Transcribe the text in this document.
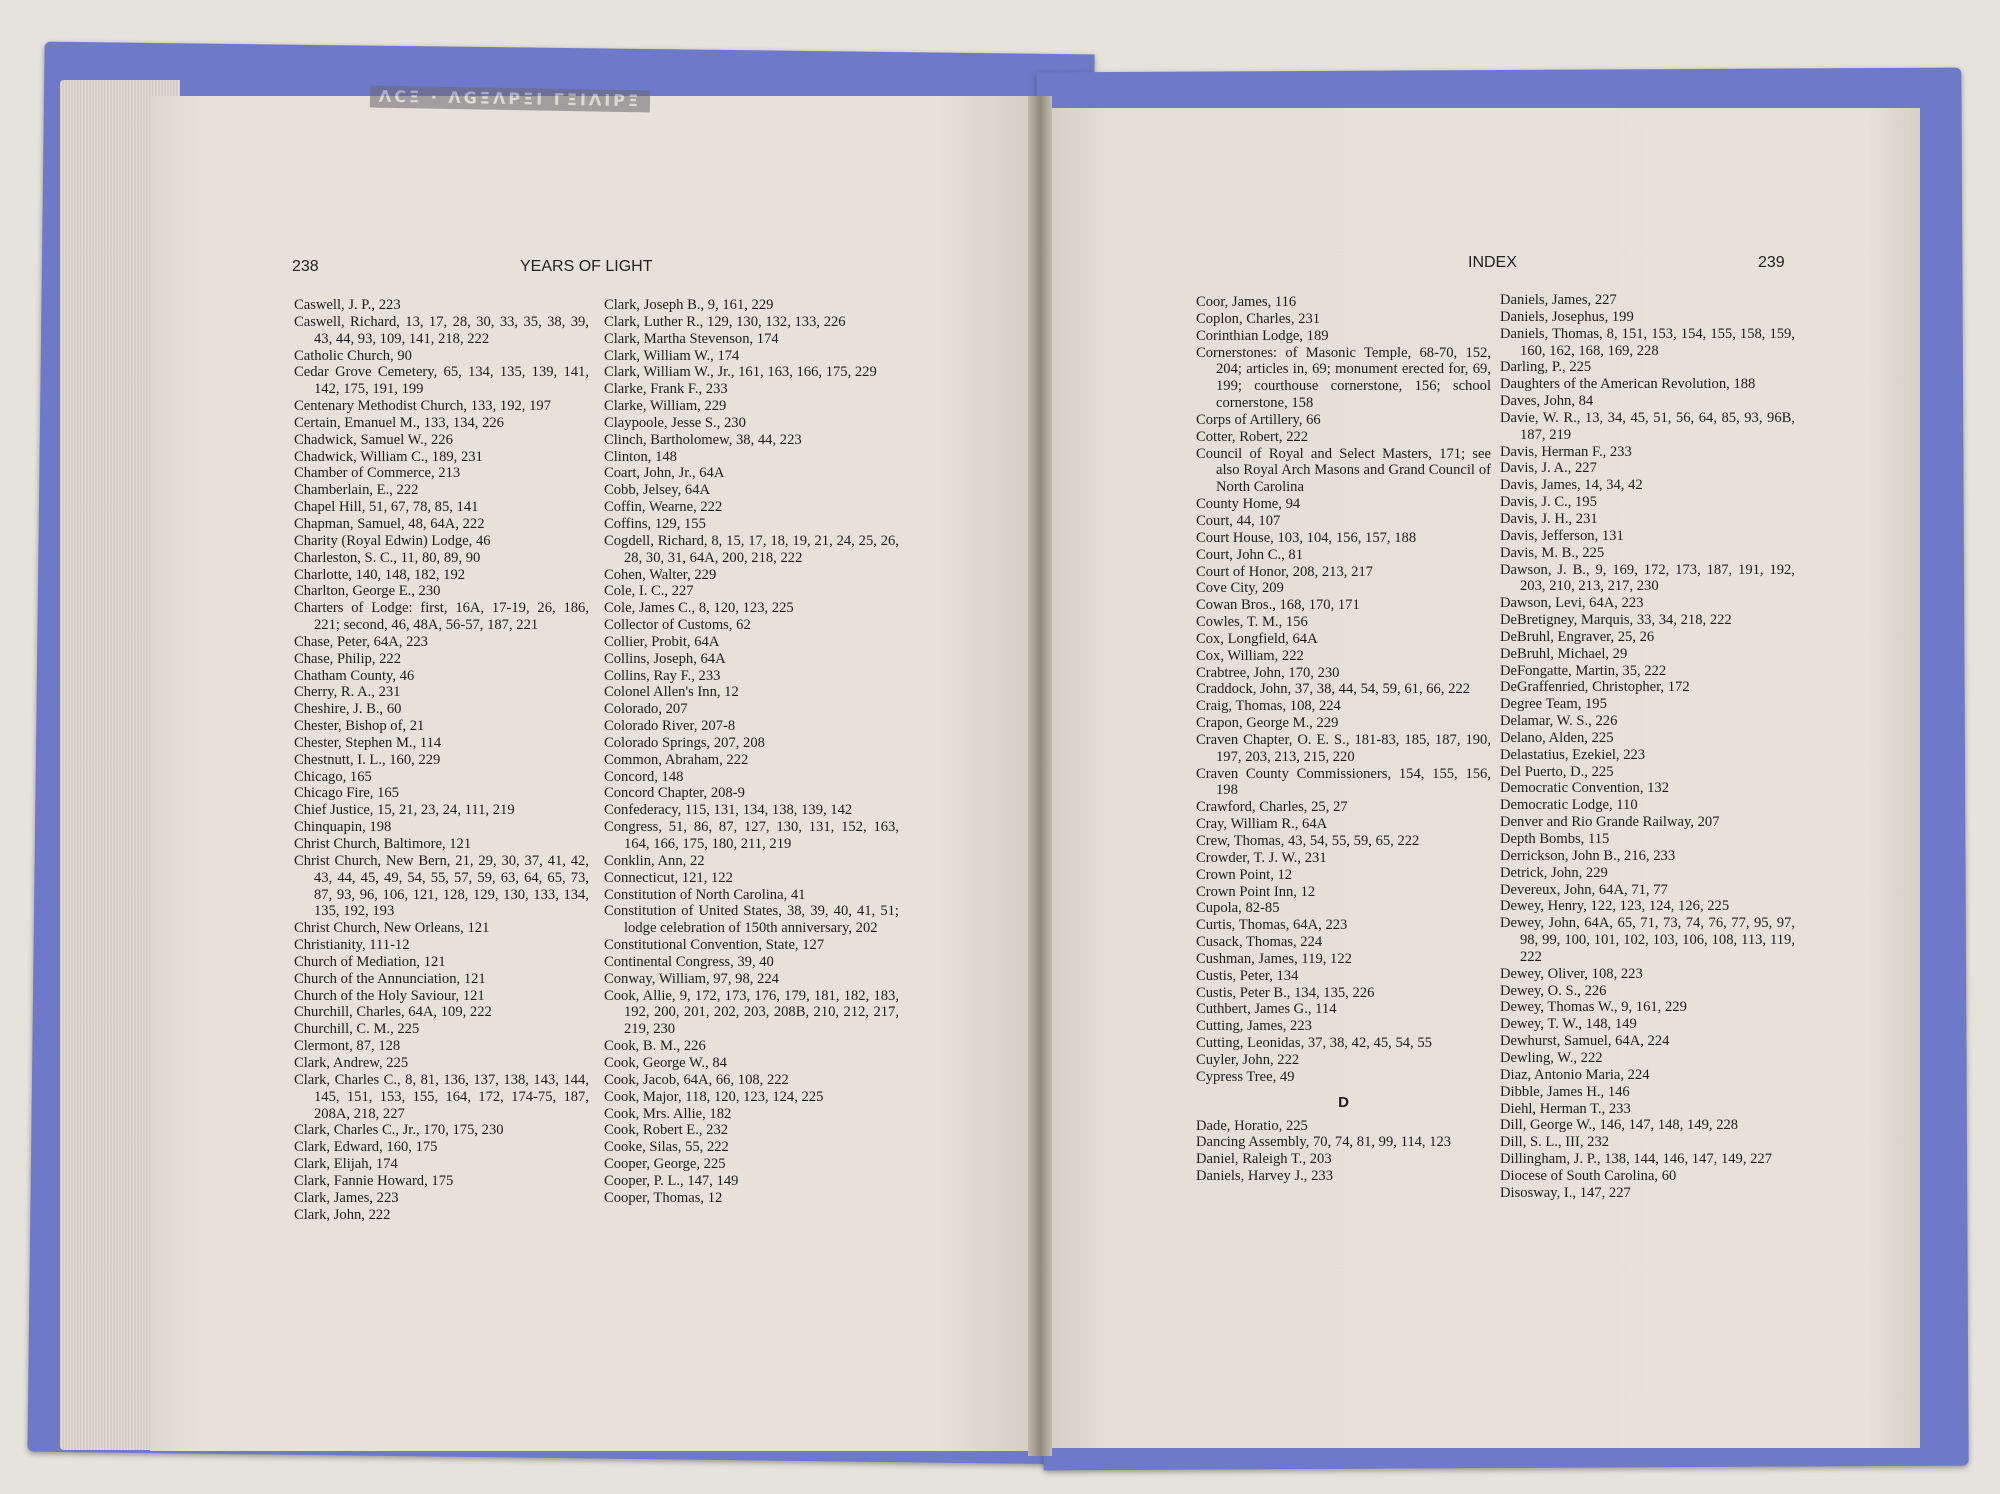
ΛCΞ · ΛGΞΛΡΞΙ ΓΞΙΛΙΡΞ
238	YEARS OF LIGHT	INDEX	239
Caswell, J. P., 223
Caswell, Richard, 13, 17, 28, 30, 33, 35, 38, 39, 43, 44, 93, 109, 141, 218, 222
Catholic Church, 90
Cedar Grove Cemetery, 65, 134, 135, 139, 141, 142, 175, 191, 199
Centenary Methodist Church, 133, 192, 197
Certain, Emanuel M., 133, 134, 226
Chadwick, Samuel W., 226
Chadwick, William C., 189, 231
Chamber of Commerce, 213
Chamberlain, E., 222
Chapel Hill, 51, 67, 78, 85, 141
Chapman, Samuel, 48, 64A, 222
Charity (Royal Edwin) Lodge, 46
Charleston, S. C., 11, 80, 89, 90
Charlotte, 140, 148, 182, 192
Charlton, George E., 230
Charters of Lodge: first, 16A, 17-19, 26, 186, 221; second, 46, 48A, 56-57, 187, 221
Chase, Peter, 64A, 223
Chase, Philip, 222
Chatham County, 46
Cherry, R. A., 231
Cheshire, J. B., 60
Chester, Bishop of, 21
Chester, Stephen M., 114
Chestnutt, I. L., 160, 229
Chicago, 165
Chicago Fire, 165
Chief Justice, 15, 21, 23, 24, 111, 219
Chinquapin, 198
Christ Church, Baltimore, 121
Christ Church, New Bern, 21, 29, 30, 37, 41, 42, 43, 44, 45, 49, 54, 55, 57, 59, 63, 64, 65, 73, 87, 93, 96, 106, 121, 128, 129, 130, 133, 134, 135, 192, 193
Christ Church, New Orleans, 121
Christianity, 111-12
Church of Mediation, 121
Church of the Annunciation, 121
Church of the Holy Saviour, 121
Churchill, Charles, 64A, 109, 222
Churchill, C. M., 225
Clermont, 87, 128
Clark, Andrew, 225
Clark, Charles C., 8, 81, 136, 137, 138, 143, 144, 145, 151, 153, 155, 164, 172, 174-75, 187, 208A, 218, 227
Clark, Charles C., Jr., 170, 175, 230
Clark, Edward, 160, 175
Clark, Elijah, 174
Clark, Fannie Howard, 175
Clark, James, 223
Clark, John, 222
Clark, Joseph B., 9, 161, 229
Clark, Luther R., 129, 130, 132, 133, 226
Clark, Martha Stevenson, 174
Clark, William W., 174
Clark, William W., Jr., 161, 163, 166, 175, 229
Clarke, Frank F., 233
Clarke, William, 229
Claypoole, Jesse S., 230
Clinch, Bartholomew, 38, 44, 223
Clinton, 148
Coart, John, Jr., 64A
Cobb, Jelsey, 64A
Coffin, Wearne, 222
Coffins, 129, 155
Cogdell, Richard, 8, 15, 17, 18, 19, 21, 24, 25, 26, 28, 30, 31, 64A, 200, 218, 222
Cohen, Walter, 229
Cole, I. C., 227
Cole, James C., 8, 120, 123, 225
Collector of Customs, 62
Collier, Probit, 64A
Collins, Joseph, 64A
Collins, Ray F., 233
Colonel Allen's Inn, 12
Colorado, 207
Colorado River, 207-8
Colorado Springs, 207, 208
Common, Abraham, 222
Concord, 148
Concord Chapter, 208-9
Confederacy, 115, 131, 134, 138, 139, 142
Congress, 51, 86, 87, 127, 130, 131, 152, 163, 164, 166, 175, 180, 211, 219
Conklin, Ann, 22
Connecticut, 121, 122
Constitution of North Carolina, 41
Constitution of United States, 38, 39, 40, 41, 51; lodge celebration of 150th anniversary, 202
Constitutional Convention, State, 127
Continental Congress, 39, 40
Conway, William, 97, 98, 224
Cook, Allie, 9, 172, 173, 176, 179, 181, 182, 183, 192, 200, 201, 202, 203, 208B, 210, 212, 217, 219, 230
Cook, B. M., 226
Cook, George W., 84
Cook, Jacob, 64A, 66, 108, 222
Cook, Major, 118, 120, 123, 124, 225
Cook, Mrs. Allie, 182
Cook, Robert E., 232
Cooke, Silas, 55, 222
Cooper, George, 225
Cooper, P. L., 147, 149
Cooper, Thomas, 12
Coor, James, 116
Coplon, Charles, 231
Corinthian Lodge, 189
Cornerstones: of Masonic Temple, 68-70, 152, 204; articles in, 69; monument erected for, 69, 199; courthouse cornerstone, 156; school cornerstone, 158
Corps of Artillery, 66
Cotter, Robert, 222
Council of Royal and Select Masters, 171; see also Royal Arch Masons and Grand Council of North Carolina
County Home, 94
Court, 44, 107
Court House, 103, 104, 156, 157, 188
Court, John C., 81
Court of Honor, 208, 213, 217
Cove City, 209
Cowan Bros., 168, 170, 171
Cowles, T. M., 156
Cox, Longfield, 64A
Cox, William, 222
Crabtree, John, 170, 230
Craddock, John, 37, 38, 44, 54, 59, 61, 66, 222
Craig, Thomas, 108, 224
Crapon, George M., 229
Craven Chapter, O. E. S., 181-83, 185, 187, 190, 197, 203, 213, 215, 220
Craven County Commissioners, 154, 155, 156, 198
Crawford, Charles, 25, 27
Cray, William R., 64A
Crew, Thomas, 43, 54, 55, 59, 65, 222
Crowder, T. J. W., 231
Crown Point, 12
Crown Point Inn, 12
Cupola, 82-85
Curtis, Thomas, 64A, 223
Cusack, Thomas, 224
Cushman, James, 119, 122
Custis, Peter, 134
Custis, Peter B., 134, 135, 226
Cuthbert, James G., 114
Cutting, James, 223
Cutting, Leonidas, 37, 38, 42, 45, 54, 55
Cuyler, John, 222
Cypress Tree, 49
D
Dade, Horatio, 225
Dancing Assembly, 70, 74, 81, 99, 114, 123
Daniel, Raleigh T., 203
Daniels, Harvey J., 233
Daniels, James, 227
Daniels, Josephus, 199
Daniels, Thomas, 8, 151, 153, 154, 155, 158, 159, 160, 162, 168, 169, 228
Darling, P., 225
Daughters of the American Revolution, 188
Daves, John, 84
Davie, W. R., 13, 34, 45, 51, 56, 64, 85, 93, 96B, 187, 219
Davis, Herman F., 233
Davis, J. A., 227
Davis, James, 14, 34, 42
Davis, J. C., 195
Davis, J. H., 231
Davis, Jefferson, 131
Davis, M. B., 225
Dawson, J. B., 9, 169, 172, 173, 187, 191, 192, 203, 210, 213, 217, 230
Dawson, Levi, 64A, 223
DeBretigney, Marquis, 33, 34, 218, 222
DeBruhl, Engraver, 25, 26
DeBruhl, Michael, 29
DeFongatte, Martin, 35, 222
DeGraffenried, Christopher, 172
Degree Team, 195
Delamar, W. S., 226
Delano, Alden, 225
Delastatius, Ezekiel, 223
Del Puerto, D., 225
Democratic Convention, 132
Democratic Lodge, 110
Denver and Rio Grande Railway, 207
Depth Bombs, 115
Derrickson, John B., 216, 233
Detrick, John, 229
Devereux, John, 64A, 71, 77
Dewey, Henry, 122, 123, 124, 126, 225
Dewey, John, 64A, 65, 71, 73, 74, 76, 77, 95, 97, 98, 99, 100, 101, 102, 103, 106, 108, 113, 119, 222
Dewey, Oliver, 108, 223
Dewey, O. S., 226
Dewey, Thomas W., 9, 161, 229
Dewey, T. W., 148, 149
Dewhurst, Samuel, 64A, 224
Dewling, W., 222
Diaz, Antonio Maria, 224
Dibble, James H., 146
Diehl, Herman T., 233
Dill, George W., 146, 147, 148, 149, 228
Dill, S. L., III, 232
Dillingham, J. P., 138, 144, 146, 147, 149, 227
Diocese of South Carolina, 60
Disosway, I., 147, 227
